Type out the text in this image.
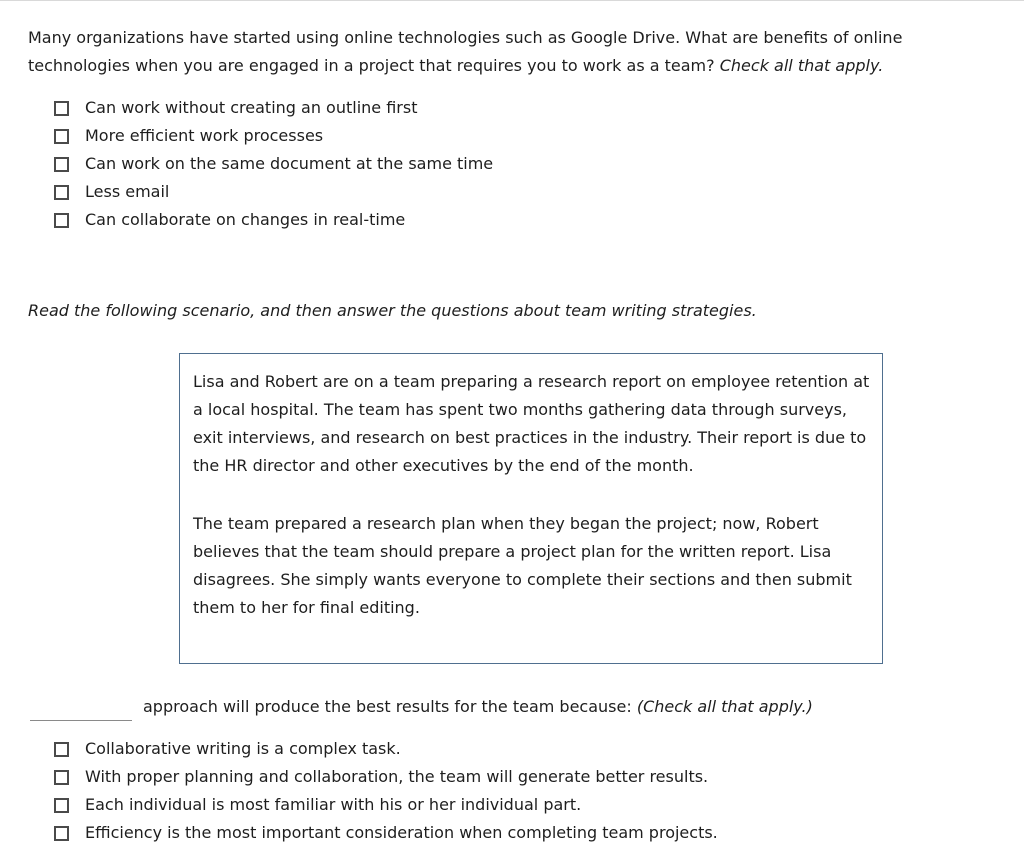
Many organizations have started using online technologies such as Google Drive. What are benefits of online technologies when you are engaged in a project that requires you to work as a team? Check all that apply.

Can work without creating an outline first
More efficient work processes
Can work on the same document at the same time
Less email
Can collaborate on changes in real-time

Read the following scenario, and then answer the questions about team writing strategies.

Lisa and Robert are on a team preparing a research report on employee retention at a local hospital. The team has spent two months gathering data through surveys, exit interviews, and research on best practices in the industry. Their report is due to the HR director and other executives by the end of the month.

The team prepared a research plan when they began the project; now, Robert believes that the team should prepare a project plan for the written report. Lisa disagrees. She simply wants everyone to complete their sections and then submit them to her for final editing.

approach will produce the best results for the team because:
(Check all that apply.)
Collaborative writing is a complex task.
With proper planning and collaboration, the team will generate better results.
Each individual is most familiar with his or her individual part.
Efficiency is the most important consideration when completing team projects.
